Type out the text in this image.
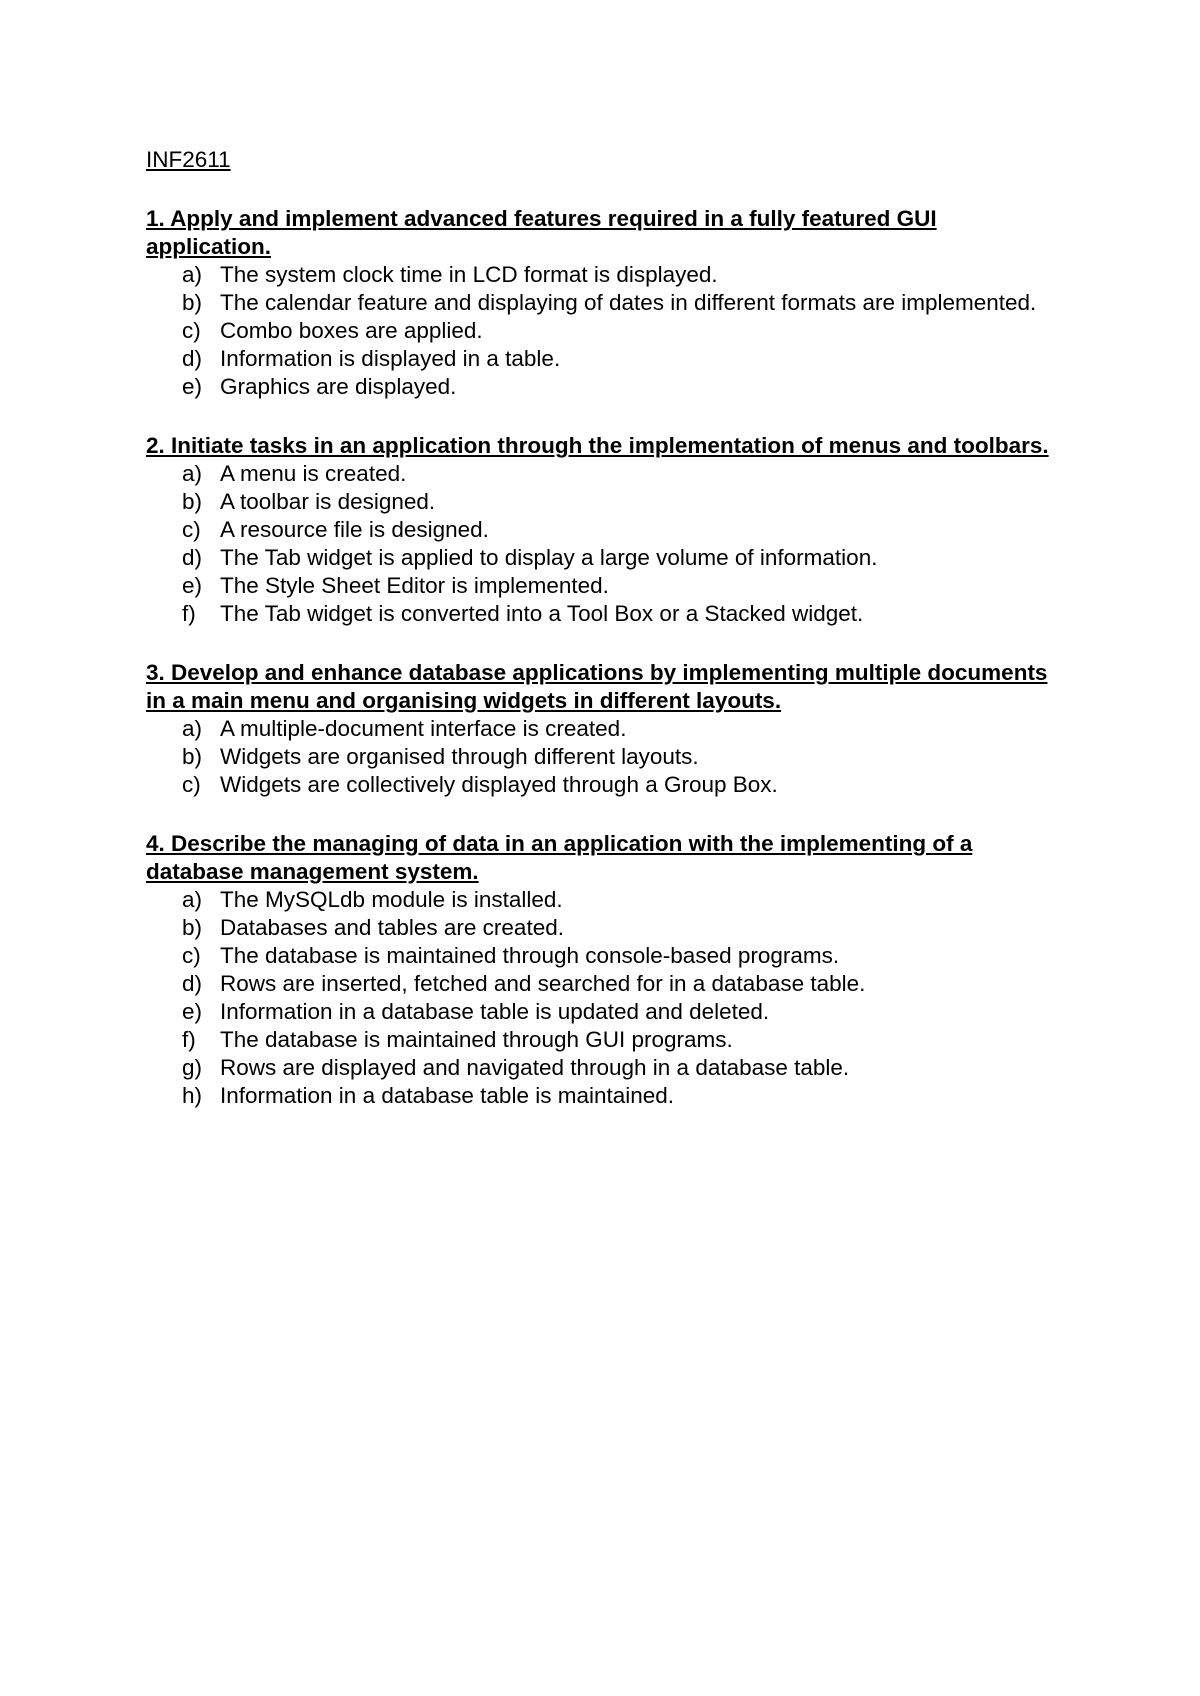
INF2611
1. Apply and implement advanced features required in a fully featured GUI application.
a) The system clock time in LCD format is displayed.
b) The calendar feature and displaying of dates in different formats are implemented.
c) Combo boxes are applied.
d) Information is displayed in a table.
e) Graphics are displayed.
2. Initiate tasks in an application through the implementation of menus and toolbars.
a) A menu is created.
b) A toolbar is designed.
c) A resource file is designed.
d) The Tab widget is applied to display a large volume of information.
e) The Style Sheet Editor is implemented.
f)	The Tab widget is converted into a Tool Box or a Stacked widget.
3. Develop and enhance database applications by implementing multiple documents in a main menu and organising widgets in different layouts.
a) A multiple-document interface is created.
b) Widgets are organised through different layouts.
c) Widgets are collectively displayed through a Group Box.
4. Describe the managing of data in an application with the implementing of a database management system.
a) The MySQLdb module is installed.
b) Databases and tables are created.
c) The database is maintained through console-based programs.
d) Rows are inserted, fetched and searched for in a database table.
e) Information in a database table is updated and deleted.
f)	The database is maintained through GUI programs.
g) Rows are displayed and navigated through in a database table.
h) Information in a database table is maintained.
